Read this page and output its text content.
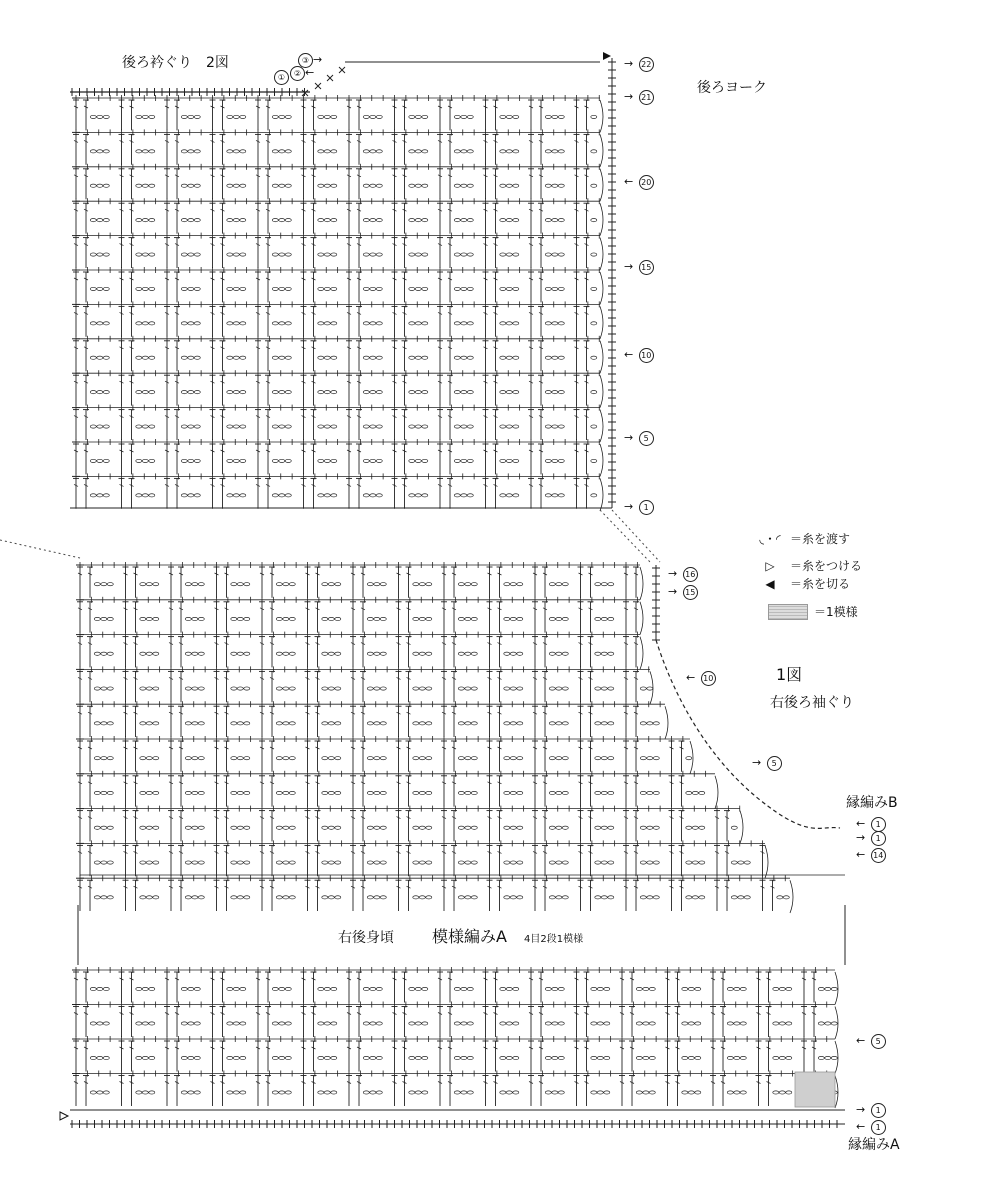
後ろ衿ぐり　2図
後ろヨーク
1図
右後ろ袖ぐり
縁編みB
右後身頃 模様編みA 4目2段1模様
縁編みA
◟・◜ ＝糸を渡す
▷	＝糸をつける
◀	＝糸を切る
＝1模様
③ →
② ←
①
→ 22
→ 21
← 20
→ 15
← 10
→ 5
→ 1
→ 16
→ 15
← 10
→ 5
← 1
→ 1
← 14
← 5
→ 1
← 1
